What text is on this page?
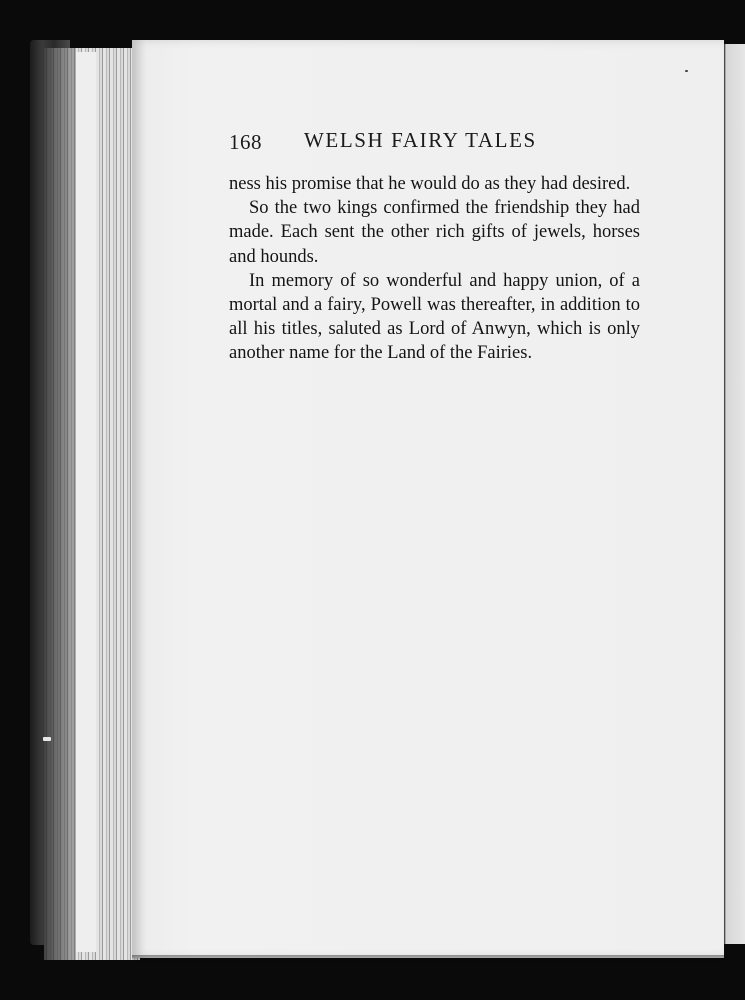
168 WELSH FAIRY TALES

ness his promise that he would do as they had desired.

So the two kings confirmed the friendship they had made. Each sent the other rich gifts of jewels, horses and hounds.

In memory of so wonderful and happy union, of a mortal and a fairy, Powell was thereafter, in addition to all his titles, saluted as Lord of Anwyn, which is only another name for the Land of the Fairies.
